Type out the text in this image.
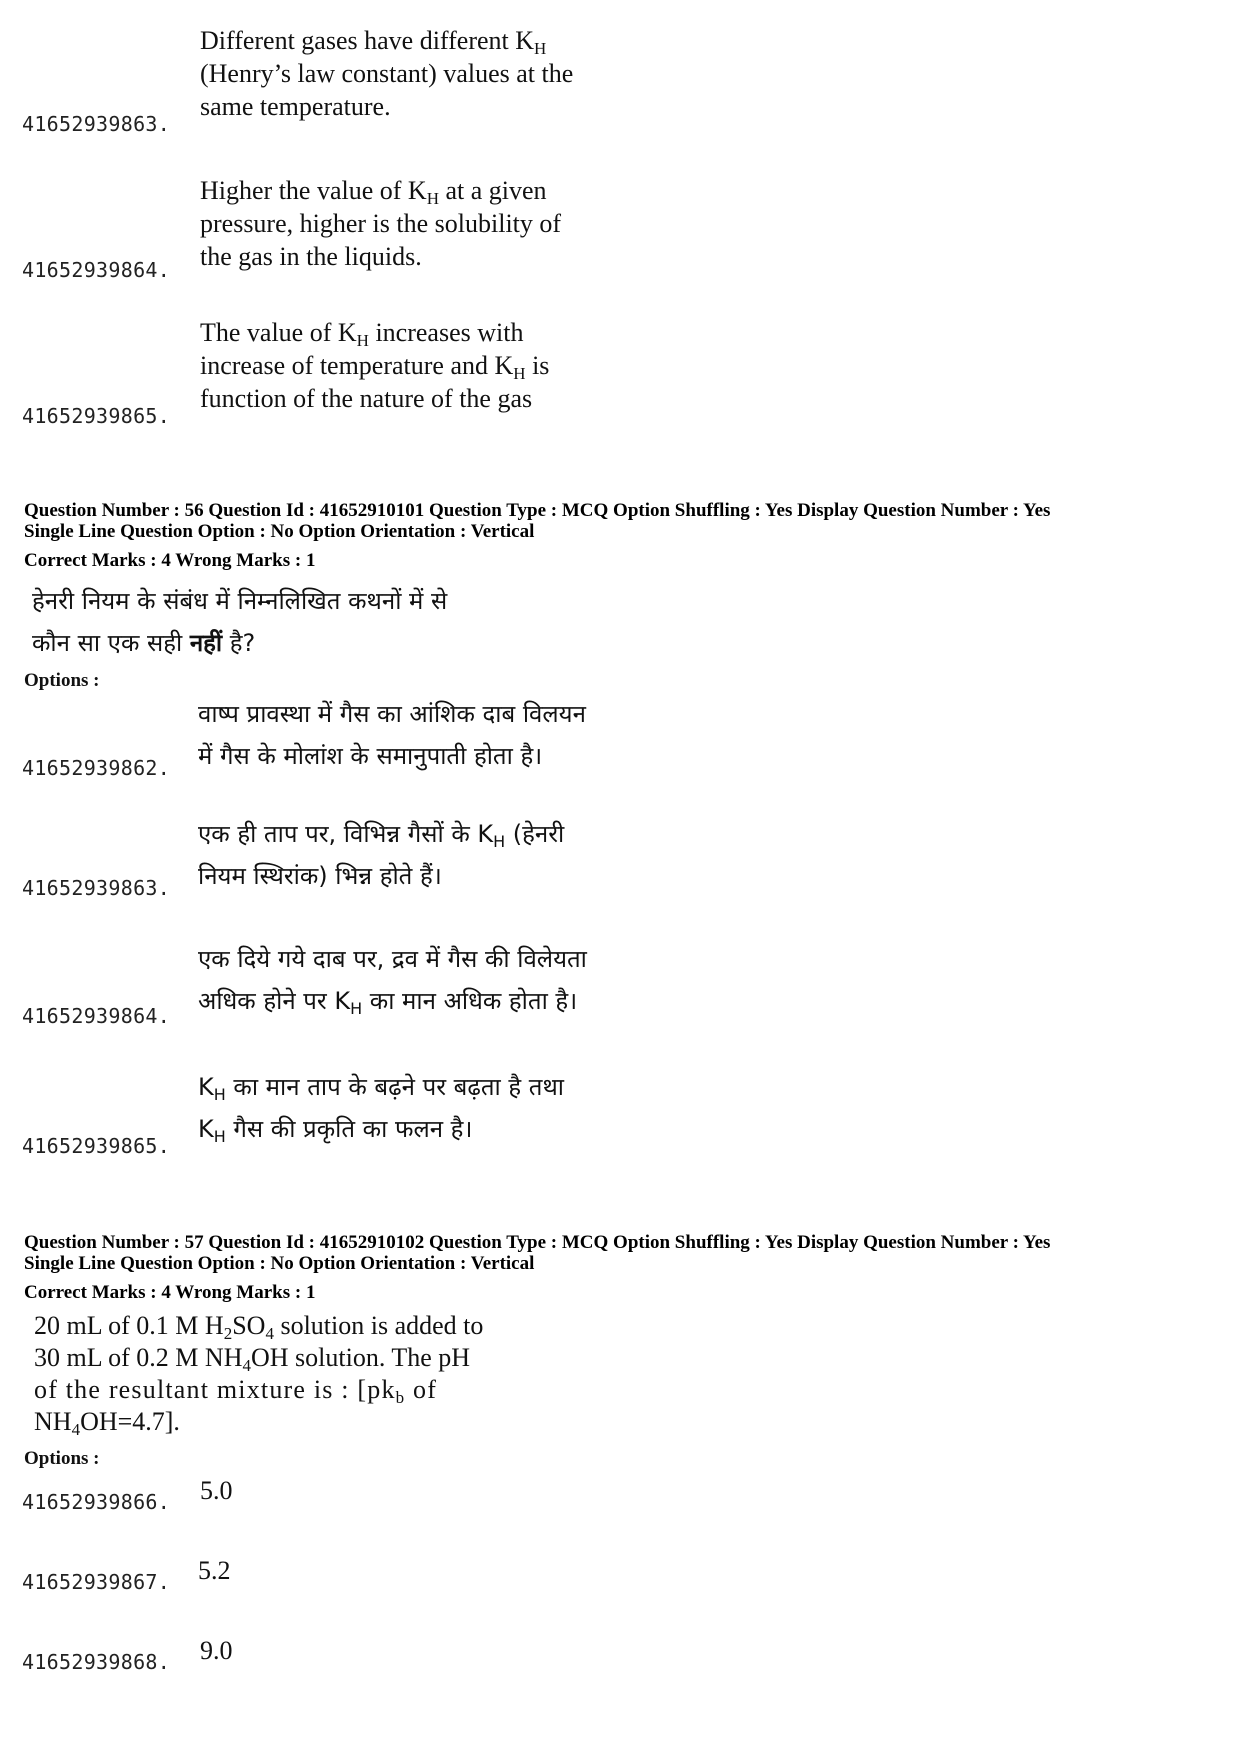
Different gases have different $K_H$
(Henry’s law constant) values at the
same temperature.
41652939863.
Higher the value of $K_H$ at a given
pressure, higher is the solubility of
the gas in the liquids.
41652939864.
The value of $K_H$ increases with
increase of temperature and $K_H$ is
function of the nature of the gas
41652939865.
Question Number : 56 Question Id : 41652910101 Question Type : MCQ Option Shuffling : Yes Display Question Number : Yes
Single Line Question Option : No Option Orientation : Vertical
Correct Marks : 4 Wrong Marks : 1
हेनरी नियम के संबंध में निम्नलिखित कथनों में से
कौन सा एक सही नहीं है?
Options :
वाष्प प्रावस्था में गैस का आंशिक दाब विलयन
में गैस के मोलांश के समानुपाती होता है।
41652939862.
एक ही ताप पर, विभिन्न गैसों के $K_H$ (हेनरी
नियम स्थिरांक) भिन्न होते हैं।
41652939863.
एक दिये गये दाब पर, द्रव में गैस की विलेयता
अधिक होने पर $K_H$ का मान अधिक होता है।
41652939864.
$K_H$ का मान ताप के बढ़ने पर बढ़ता है तथा
$K_H$ गैस की प्रकृति का फलन है।
41652939865.
Question Number : 57 Question Id : 41652910102 Question Type : MCQ Option Shuffling : Yes Display Question Number : Yes
Single Line Question Option : No Option Orientation : Vertical
Correct Marks : 4 Wrong Marks : 1
20 mL of 0.1 M $H_2SO_4$ solution is added to
30 mL of 0.2 M $NH_4OH$ solution. The pH
of the resultant mixture is : [$pk_b$ of
$NH_4OH=4.7$].
Options :
5.0
41652939866.
5.2
41652939867.
9.0
41652939868.
